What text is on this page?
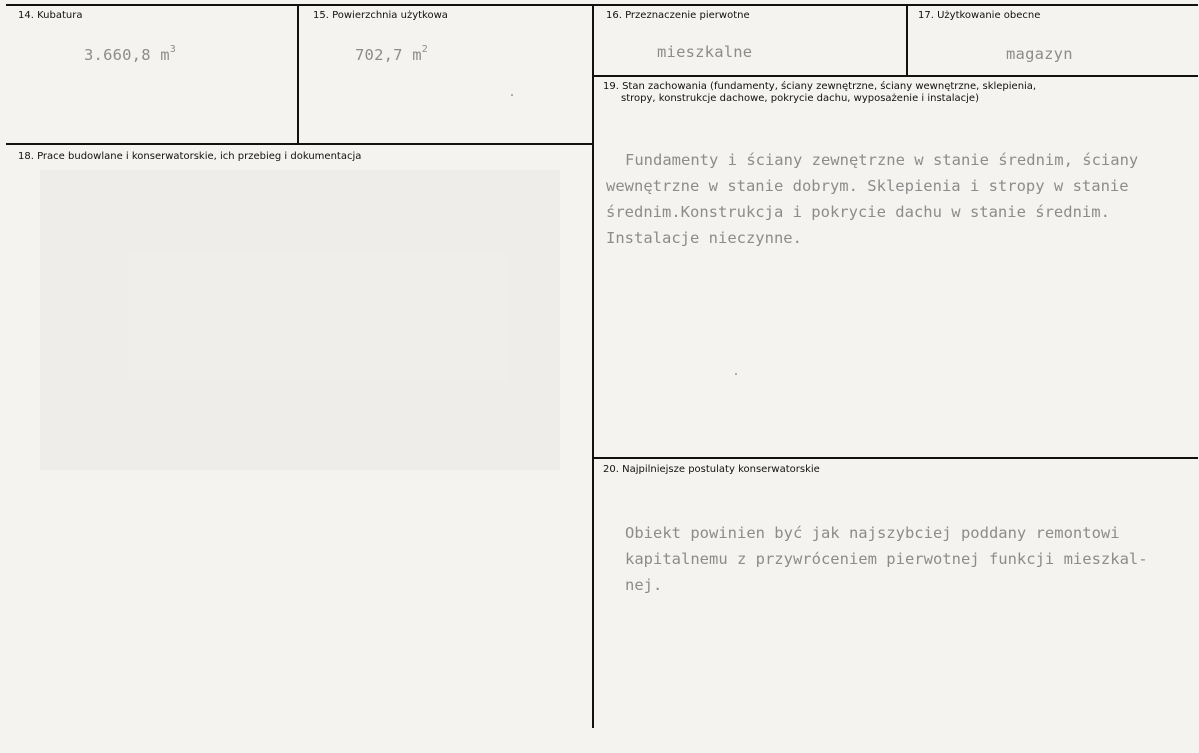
14. Kubatura
3.660,8 $m^3$
15. Powierzchnia użytkowa
702,7 $m^2$
16. Przeznaczenie pierwotne
mieszkalne
17. Użytkowanie obecne
magazyn
19. Stan zachowania (fundamenty, ściany zewnętrzne, ściany wewnętrzne, sklepienia,
stropy, konstrukcje dachowe, pokrycie dachu, wyposażenie i instalacje)

Fundamenty i ściany zewnętrzne w stanie średnim, ściany
wewnętrzne w stanie dobrym. Sklepienia i stropy w stanie
średnim.Konstrukcja i pokrycie dachu w stanie średnim.
Instalacje nieczynne.
18. Prace budowlane i konserwatorskie, ich przebieg i dokumentacja
20. Najpilniejsze postulaty konserwatorskie

Obiekt powinien być jak najszybciej poddany remontowi
kapitalnemu z przywróceniem pierwotnej funkcji mieszkal-
nej.
